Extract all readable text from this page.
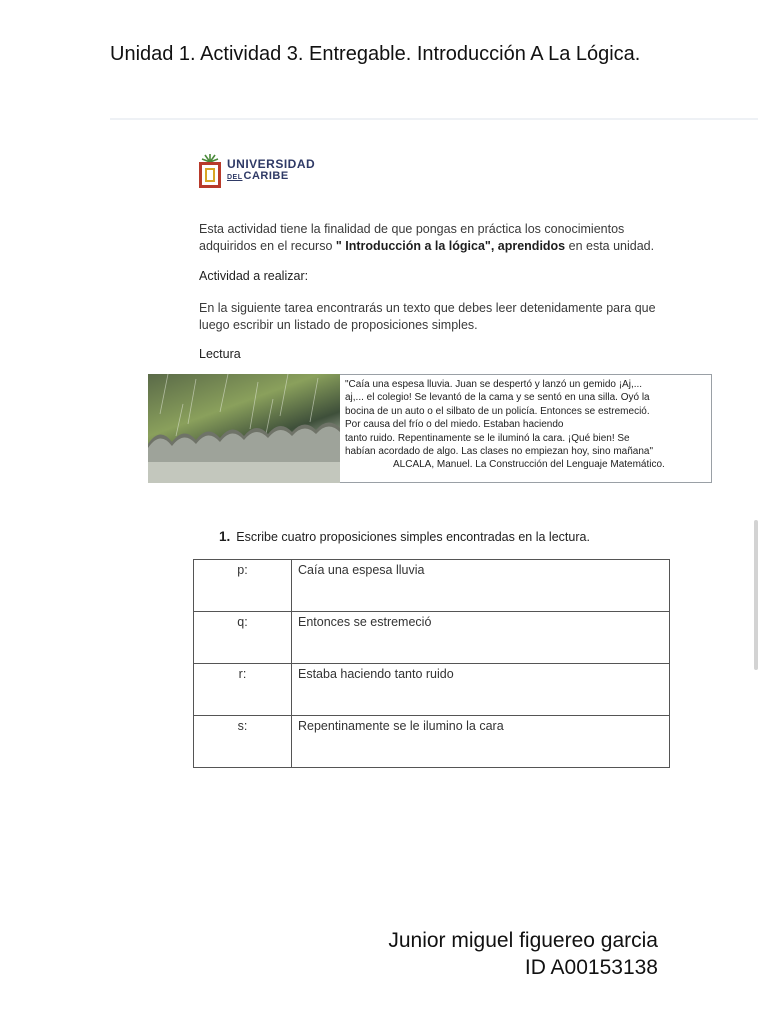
Unidad 1. Actividad 3. Entregable. Introducción A La Lógica.
UNIVERSIDAD
DELCARIBE
Esta actividad tiene la finalidad de que pongas en práctica los conocimientos adquiridos en el recurso " Introducción a la lógica", aprendidos en esta unidad.
Actividad a realizar:
En la siguiente tarea encontrarás un texto que debes leer detenidamente para que luego escribir un listado de proposiciones simples.
Lectura
"Caía una espesa lluvia. Juan se despertó y lanzó un gemido ¡Aj,...
aj,... el colegio! Se levantó de la cama y se sentó en una silla. Oyó la
bocina de un auto o el silbato de un policía. Entonces se estremeció.
Por causa del frío o del miedo. Estaban haciendo
tanto ruido. Repentinamente se le iluminó la cara. ¡Qué bien! Se
habían acordado de algo. Las clases no empiezan hoy, sino mañana"
ALCALA, Manuel. La Construcción del Lenguaje Matemático.
1. Escribe cuatro proposiciones simples encontradas en la lectura.
p:	Caía una espesa lluvia
q:	Entonces se estremeció
r:	Estaba haciendo tanto ruido
s:	Repentinamente se le ilumino la cara
Junior miguel figuereo garcia
ID A00153138
